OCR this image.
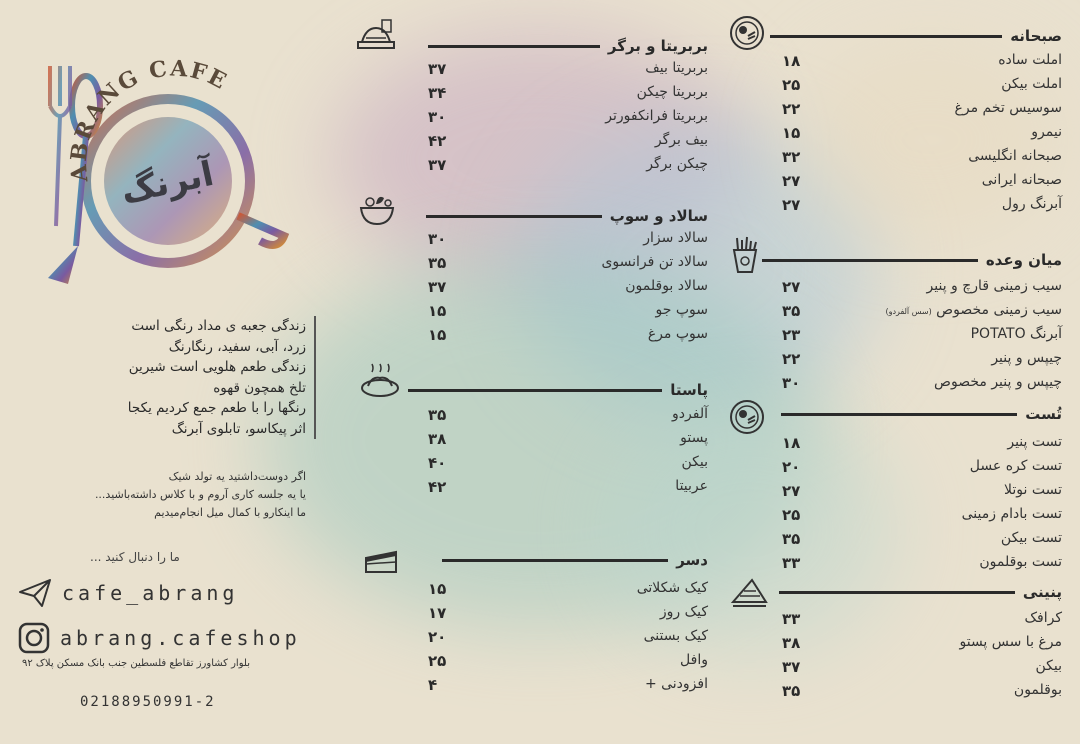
ABRANG CAFE
آبرنگ
زندگی جعبه ی مداد رنگی است
زرد، آبی، سفید، رنگارنگ
زندگی طعم هلویی است شیرین
تلخ همچون قهوه
رنگها را با طعم جمع کردیم یکجا
اثر پیکاسو، تابلوی آبرنگ
اگر دوست‌داشتید یه تولد شیک
یا یه جلسه کاری آروم و با کلاس داشته‌باشید...
ما اینکارو با کمال میل انجام‌میدیم
ما را دنبال کنید ...
cafe_abrang
abrang.cafeshop
بلوار کشاورز تقاطع فلسطین جنب بانک مسکن پلاک ۹۲
02188950991-2
صبحانه
املت ساده
۱۸
املت بیکن
۲۵
سوسیس تخم مرغ
۲۲
نیمرو
۱۵
صبحانه انگلیسی
۳۲
صبحانه ایرانی
۲۷
آبرنگ رول
۲۷
میان وعده
سیب زمینی قارچ و پنیر
۲۷
سیب زمینی مخصوص (سس آلفردو)
۳۵
آبرنگ POTATO
۲۳
چیپس و پنیر
۲۲
چیپس و پنیر مخصوص
۳۰
تُست
تست پنیر
۱۸
تست کره عسل
۲۰
تست نوتلا
۲۷
تست بادام زمینی
۲۵
تست بیکن
۳۵
تست بوقلمون
۳۳
پنینی
کرافک
۳۳
مرغ با سس پستو
۳۸
بیکن
۳۷
بوقلمون
۳۵
بربریتا و برگر
بربریتا بیف
۳۷
بربریتا چیکن
۳۴
بربریتا فرانکفورتر
۳۰
بیف برگر
۴۲
چیکن برگر
۳۷
سالاد و سوپ
سالاد سزار
۳۰
سالاد تن فرانسوی
۳۵
سالاد بوقلمون
۳۷
سوپ جو
۱۵
سوپ مرغ
۱۵
پاستا
آلفردو
۳۵
پستو
۳۸
بیکن
۴۰
عربیتا
۴۲
دسر
کیک شکلاتی
۱۵
کیک روز
۱۷
کیک بستنی
۲۰
وافل
۲۵
افزودنی +
۴
